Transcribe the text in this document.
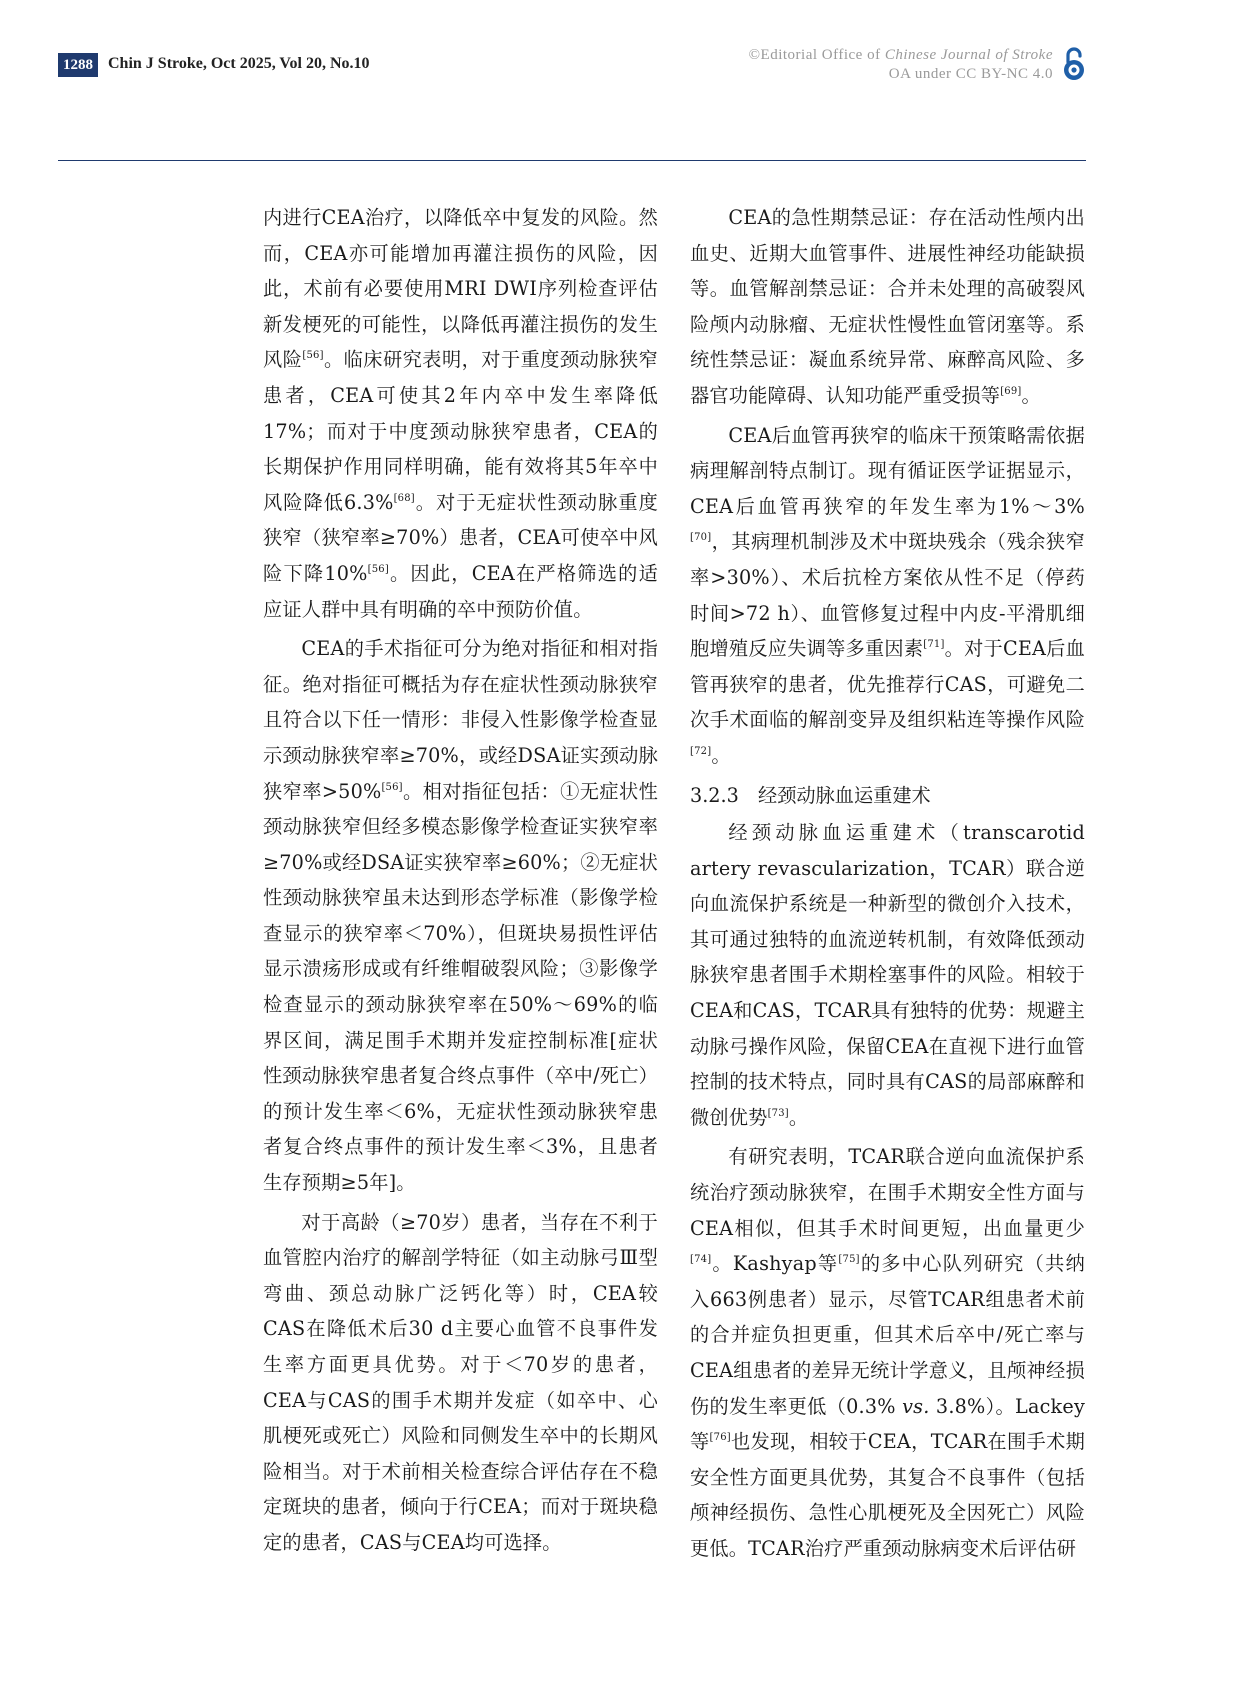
1288 Chin J Stroke, Oct 2025, Vol 20, No.10	©Editorial Office of Chinese Journal of Stroke
OA under CC BY-NC 4.0

内进行CEA治疗，以降低卒中复发的风险。然而，CEA亦可能增加再灌注损伤的风险，因此，术前有必要使用MRI DWI序列检查评估新发梗死的可能性，以降低再灌注损伤的发生风险[56]。临床研究表明，对于重度颈动脉狭窄患者，CEA可使其2年内卒中发生率降低17%；而对于中度颈动脉狭窄患者，CEA的长期保护作用同样明确，能有效将其5年卒中风险降低6.3%[68]。对于无症状性颈动脉重度狭窄（狭窄率≥70%）患者，CEA可使卒中风险下降10%[56]。因此，CEA在严格筛选的适应证人群中具有明确的卒中预防价值。

CEA的手术指征可分为绝对指征和相对指征。绝对指征可概括为存在症状性颈动脉狭窄且符合以下任一情形：非侵入性影像学检查显示颈动脉狭窄率≥70%，或经DSA证实颈动脉狭窄率>50%[56]。相对指征包括：①无症状性颈动脉狭窄但经多模态影像学检查证实狭窄率≥70%或经DSA证实狭窄率≥60%；②无症状性颈动脉狭窄虽未达到形态学标准（影像学检查显示的狭窄率＜70%），但斑块易损性评估显示溃疡形成或有纤维帽破裂风险；③影像学检查显示的颈动脉狭窄率在50%～69%的临界区间，满足围手术期并发症控制标准[症状性颈动脉狭窄患者复合终点事件（卒中/死亡）的预计发生率＜6%，无症状性颈动脉狭窄患者复合终点事件的预计发生率＜3%，且患者生存预期≥5年]。

对于高龄（≥70岁）患者，当存在不利于血管腔内治疗的解剖学特征（如主动脉弓Ⅲ型弯曲、颈总动脉广泛钙化等）时，CEA较CAS在降低术后30 d主要心血管不良事件发生率方面更具优势。对于＜70岁的患者，CEA与CAS的围手术期并发症（如卒中、心肌梗死或死亡）风险和同侧发生卒中的长期风险相当。对于术前相关检查综合评估存在不稳定斑块的患者，倾向于行CEA；而对于斑块稳定的患者，CAS与CEA均可选择。

CEA的急性期禁忌证：存在活动性颅内出血史、近期大血管事件、进展性神经功能缺损等。血管解剖禁忌证：合并未处理的高破裂风险颅内动脉瘤、无症状性慢性血管闭塞等。系统性禁忌证：凝血系统异常、麻醉高风险、多器官功能障碍、认知功能严重受损等[69]。

CEA后血管再狭窄的临床干预策略需依据病理解剖特点制订。现有循证医学证据显示，CEA后血管再狭窄的年发生率为1%～3%[70]，其病理机制涉及术中斑块残余（残余狭窄率>30%）、术后抗栓方案依从性不足（停药时间>72 h）、血管修复过程中内皮-平滑肌细胞增殖反应失调等多重因素[71]。对于CEA后血管再狭窄的患者，优先推荐行CAS，可避免二次手术面临的解剖变异及组织粘连等操作风险[72]。

3.2.3　经颈动脉血运重建术

经颈动脉血运重建术（transcarotid artery revascularization，TCAR）联合逆向血流保护系统是一种新型的微创介入技术，其可通过独特的血流逆转机制，有效降低颈动脉狭窄患者围手术期栓塞事件的风险。相较于CEA和CAS，TCAR具有独特的优势：规避主动脉弓操作风险，保留CEA在直视下进行血管控制的技术特点，同时具有CAS的局部麻醉和微创优势[73]。

有研究表明，TCAR联合逆向血流保护系统治疗颈动脉狭窄，在围手术期安全性方面与CEA相似，但其手术时间更短，出血量更少[74]。Kashyap等[75]的多中心队列研究（共纳入663例患者）显示，尽管TCAR组患者术前的合并症负担更重，但其术后卒中/死亡率与CEA组患者的差异无统计学意义，且颅神经损伤的发生率更低（0.3% vs. 3.8%）。Lackey等[76]也发现，相较于CEA，TCAR在围手术期安全性方面更具优势，其复合不良事件（包括颅神经损伤、急性心肌梗死及全因死亡）风险更低。TCAR治疗严重颈动脉病变术后评估研
